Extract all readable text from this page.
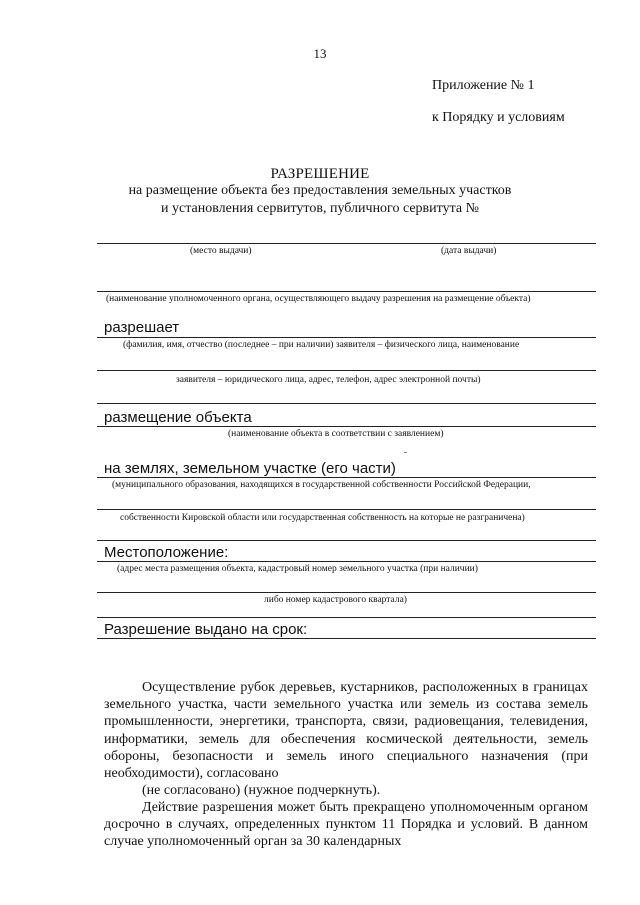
13
Приложение № 1
к Порядку и условиям
РАЗРЕШЕНИЕ
на размещение объекта без предоставления земельных участков
и установления сервитутов, публичного сервитута №
(место выдачи)	(дата выдачи)
(наименование уполномоченного органа, осуществляющего выдачу разрешения на размещение объекта)
разрешает
(фамилия, имя, отчество (последнее – при наличии) заявителя – физического лица, наименование
заявителя – юридического лица, адрес, телефон, адрес электронной почты)
размещение объекта
(наименование объекта в соответствии с заявлением)
на землях, земельном участке (его части)
(муниципального образования, находящихся в государственной собственности Российской Федерации,
собственности Кировской области или государственная собственность на которые не разграничена)
Местоположение:
(адрес места размещения объекта, кадастровый номер земельного участка (при наличии)
либо номер кадастрового квартала)
Разрешение выдано на срок:
Осуществление рубок деревьев, кустарников, расположенных в границах земельного участка, части земельного участка или земель из состава земель промышленности, энергетики, транспорта, связи, радиовещания, телевидения, информатики, земель для обеспечения космической деятельности, земель обороны, безопасности и земель иного специального назначения (при необходимости), согласовано
(не согласовано) (нужное подчеркнуть).
Действие разрешения может быть прекращено уполномоченным органом досрочно в случаях, определенных пунктом 11 Порядка и условий. В данном случае уполномоченный орган за 30 календарных
